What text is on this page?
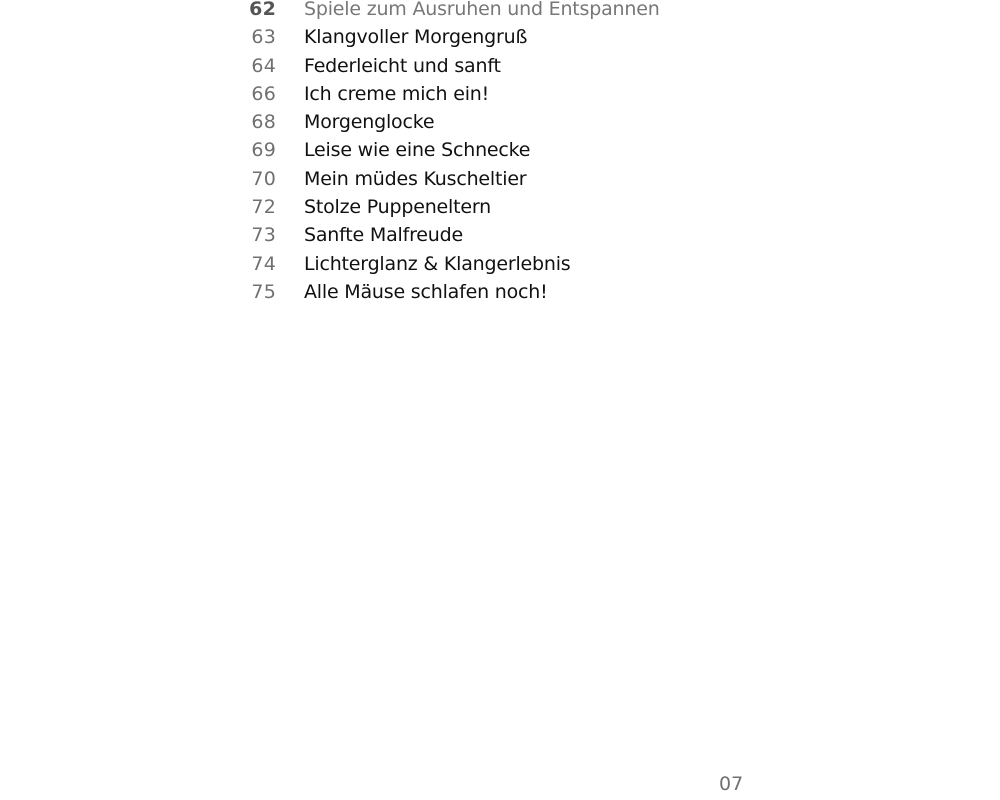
62 Spiele zum Ausruhen und Entspannen
63 Klangvoller Morgengruß
64 Federleicht und sanft
66 Ich creme mich ein!
68 Morgenglocke
69 Leise wie eine Schnecke
70 Mein müdes Kuscheltier
72 Stolze Puppeneltern
73 Sanfte Malfreude
74 Lichterglanz & Klangerlebnis
75 Alle Mäuse schlafen noch!
07
